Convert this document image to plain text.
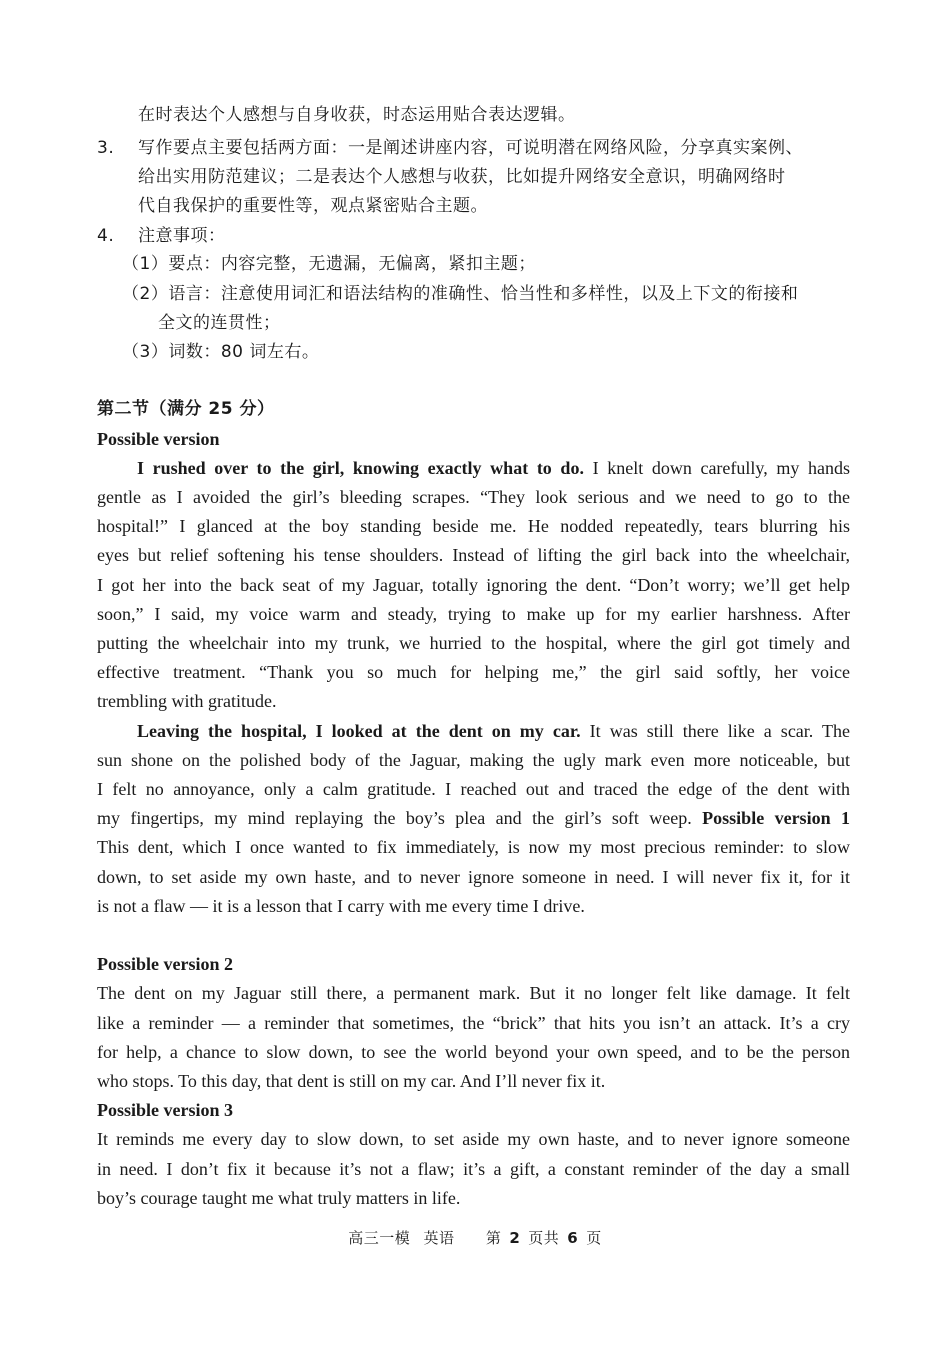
在时表达个人感想与自身收获，时态运用贴合表达逻辑。
3.	写作要点主要包括两方面：一是阐述讲座内容，可说明潜在网络风险，分享真实案例、
给出实用防范建议；二是表达个人感想与收获，比如提升网络安全意识，明确网络时
代自我保护的重要性等，观点紧密贴合主题。
4.	注意事项：
（1）要点：内容完整，无遗漏，无偏离，紧扣主题；
（2）语言：注意使用词汇和语法结构的准确性、恰当性和多样性，以及上下文的衔接和
全文的连贯性；
（3）词数：80 词左右。
第二节（满分 25 分）
Possible version
I rushed over to the girl, knowing exactly what to do. I knelt down carefully, my hands
gentle as I avoided the girl’s bleeding scrapes. “They look serious and we need to go to the
hospital!” I glanced at the boy standing beside me. He nodded repeatedly, tears blurring his
eyes but relief softening his tense shoulders. Instead of lifting the girl back into the wheelchair,
I got her into the back seat of my Jaguar, totally ignoring the dent. “Don’t worry; we’ll get help
soon,” I said, my voice warm and steady, trying to make up for my earlier harshness. After
putting the wheelchair into my trunk, we hurried to the hospital, where the girl got timely and
effective treatment. “Thank you so much for helping me,” the girl said softly, her voice
trembling with gratitude.
Leaving the hospital, I looked at the dent on my car. It was still there like a scar. The
sun shone on the polished body of the Jaguar, making the ugly mark even more noticeable, but
I felt no annoyance, only a calm gratitude. I reached out and traced the edge of the dent with
my fingertips, my mind replaying the boy’s plea and the girl’s soft weep. Possible version 1
This dent, which I once wanted to fix immediately, is now my most precious reminder: to slow
down, to set aside my own haste, and to never ignore someone in need. I will never fix it, for it
is not a flaw — it is a lesson that I carry with me every time I drive.
Possible version 2
The dent on my Jaguar still there, a permanent mark. But it no longer felt like damage. It felt
like a reminder — a reminder that sometimes, the “brick” that hits you isn’t an attack. It’s a cry
for help, a chance to slow down, to see the world beyond your own speed, and to be the person
who stops. To this day, that dent is still on my car. And I’ll never fix it.
Possible version 3
It reminds me every day to slow down, to set aside my own haste, and to never ignore someone
in need. I don’t fix it because it’s not a flaw; it’s a gift, a constant reminder of the day a small
boy’s courage taught me what truly matters in life.
高三一模 英语 第 2 页共 6 页
